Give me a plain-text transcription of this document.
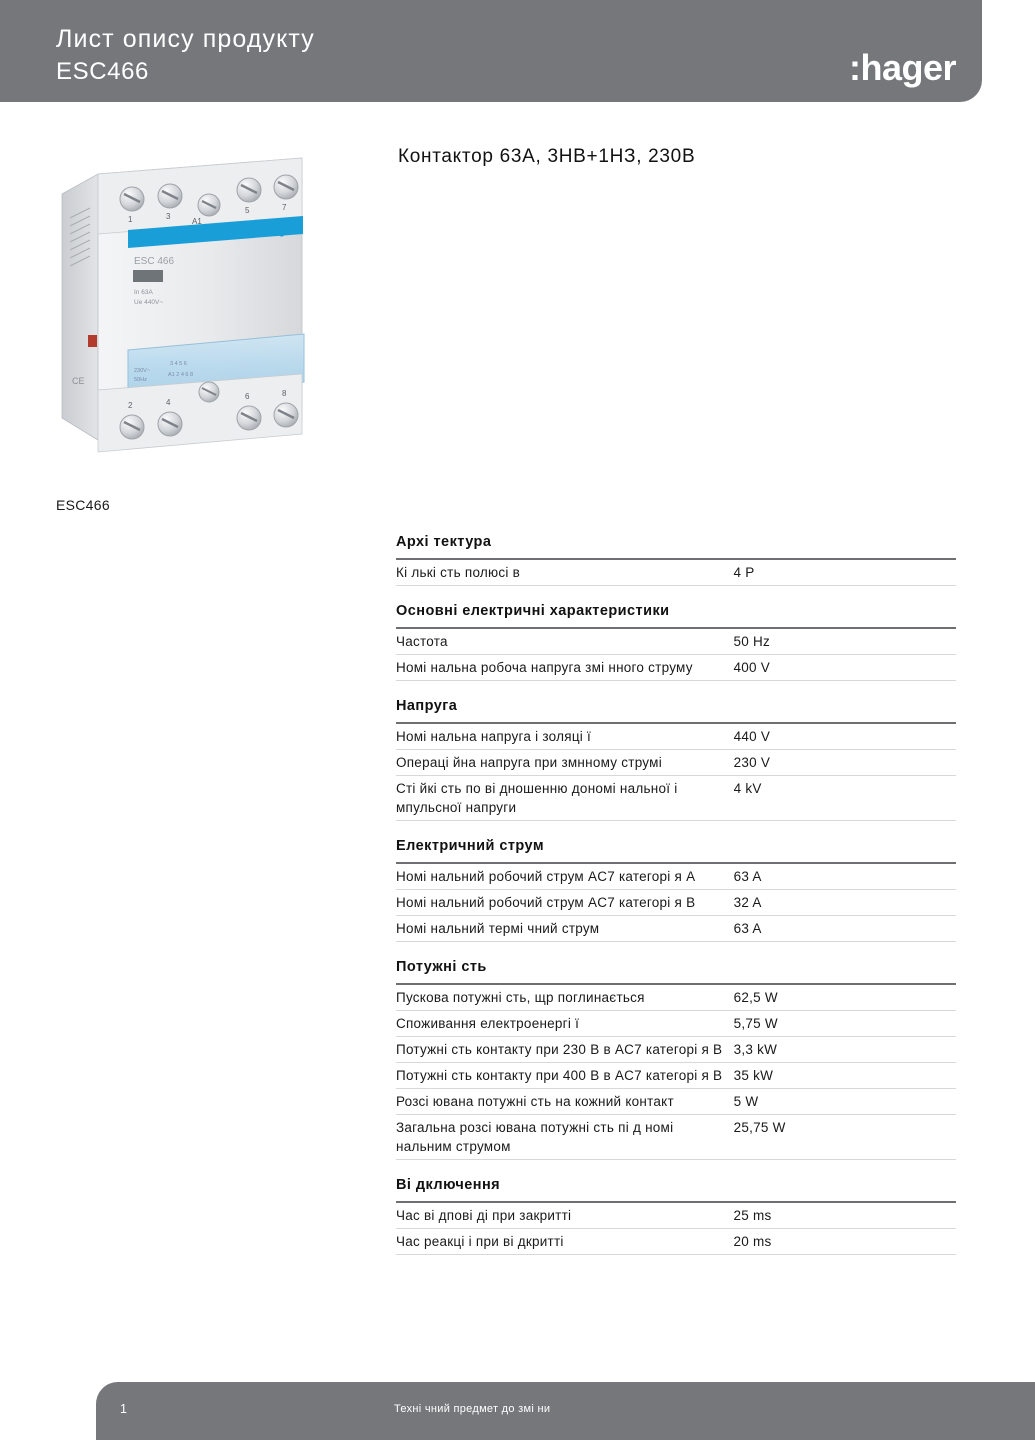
Лист опису продукту
ESC466	:hager
CE
1	3
A1
5	7
:hager
ESC 466
In 63A
Ue 440V~
230V~
50Hz
3 4 5 6
A1 2 4 6 8
2	4
6	8
ESC466
Контактор 63А, 3НВ+1НЗ, 230В
Архі тектура
Кі лькі сть полюсі в	4 P
Основні електричні характеристики
Частота	50 Hz
Номі нальна робоча напруга змі нного струму	400 V
Напруга
Номі нальна напруга і золяці ї	440 V
Операці йна напруга при змнному струмі	230 V
Сті йкі сть по ві дношенню дономі нальної і мпульсної напруги	4 kV
Електричний струм
Номі нальний робочий струм AC7 категорі я A	63 A
Номі нальний робочий струм AC7 категорі я B	32 A
Номі нальний термі чний струм	63 A
Потужні сть
Пускова потужні сть, щр поглинається	62,5 W
Споживання електроенергі ї	5,75 W
Потужні сть контакту при 230 В в AC7 категорі я B	3,3 kW
Потужні сть контакту при 400 В в AC7 категорі я B	35 kW
Розсі ювана потужні сть на кожний контакт	5 W
Загальна розсі ювана потужні сть пі д номі нальним струмом	25,75 W
Ві дключення
Час ві дпові ді при закритті	25 ms
Час реакці і при ві дкритті	20 ms
1	Техні чний предмет до змі ни
